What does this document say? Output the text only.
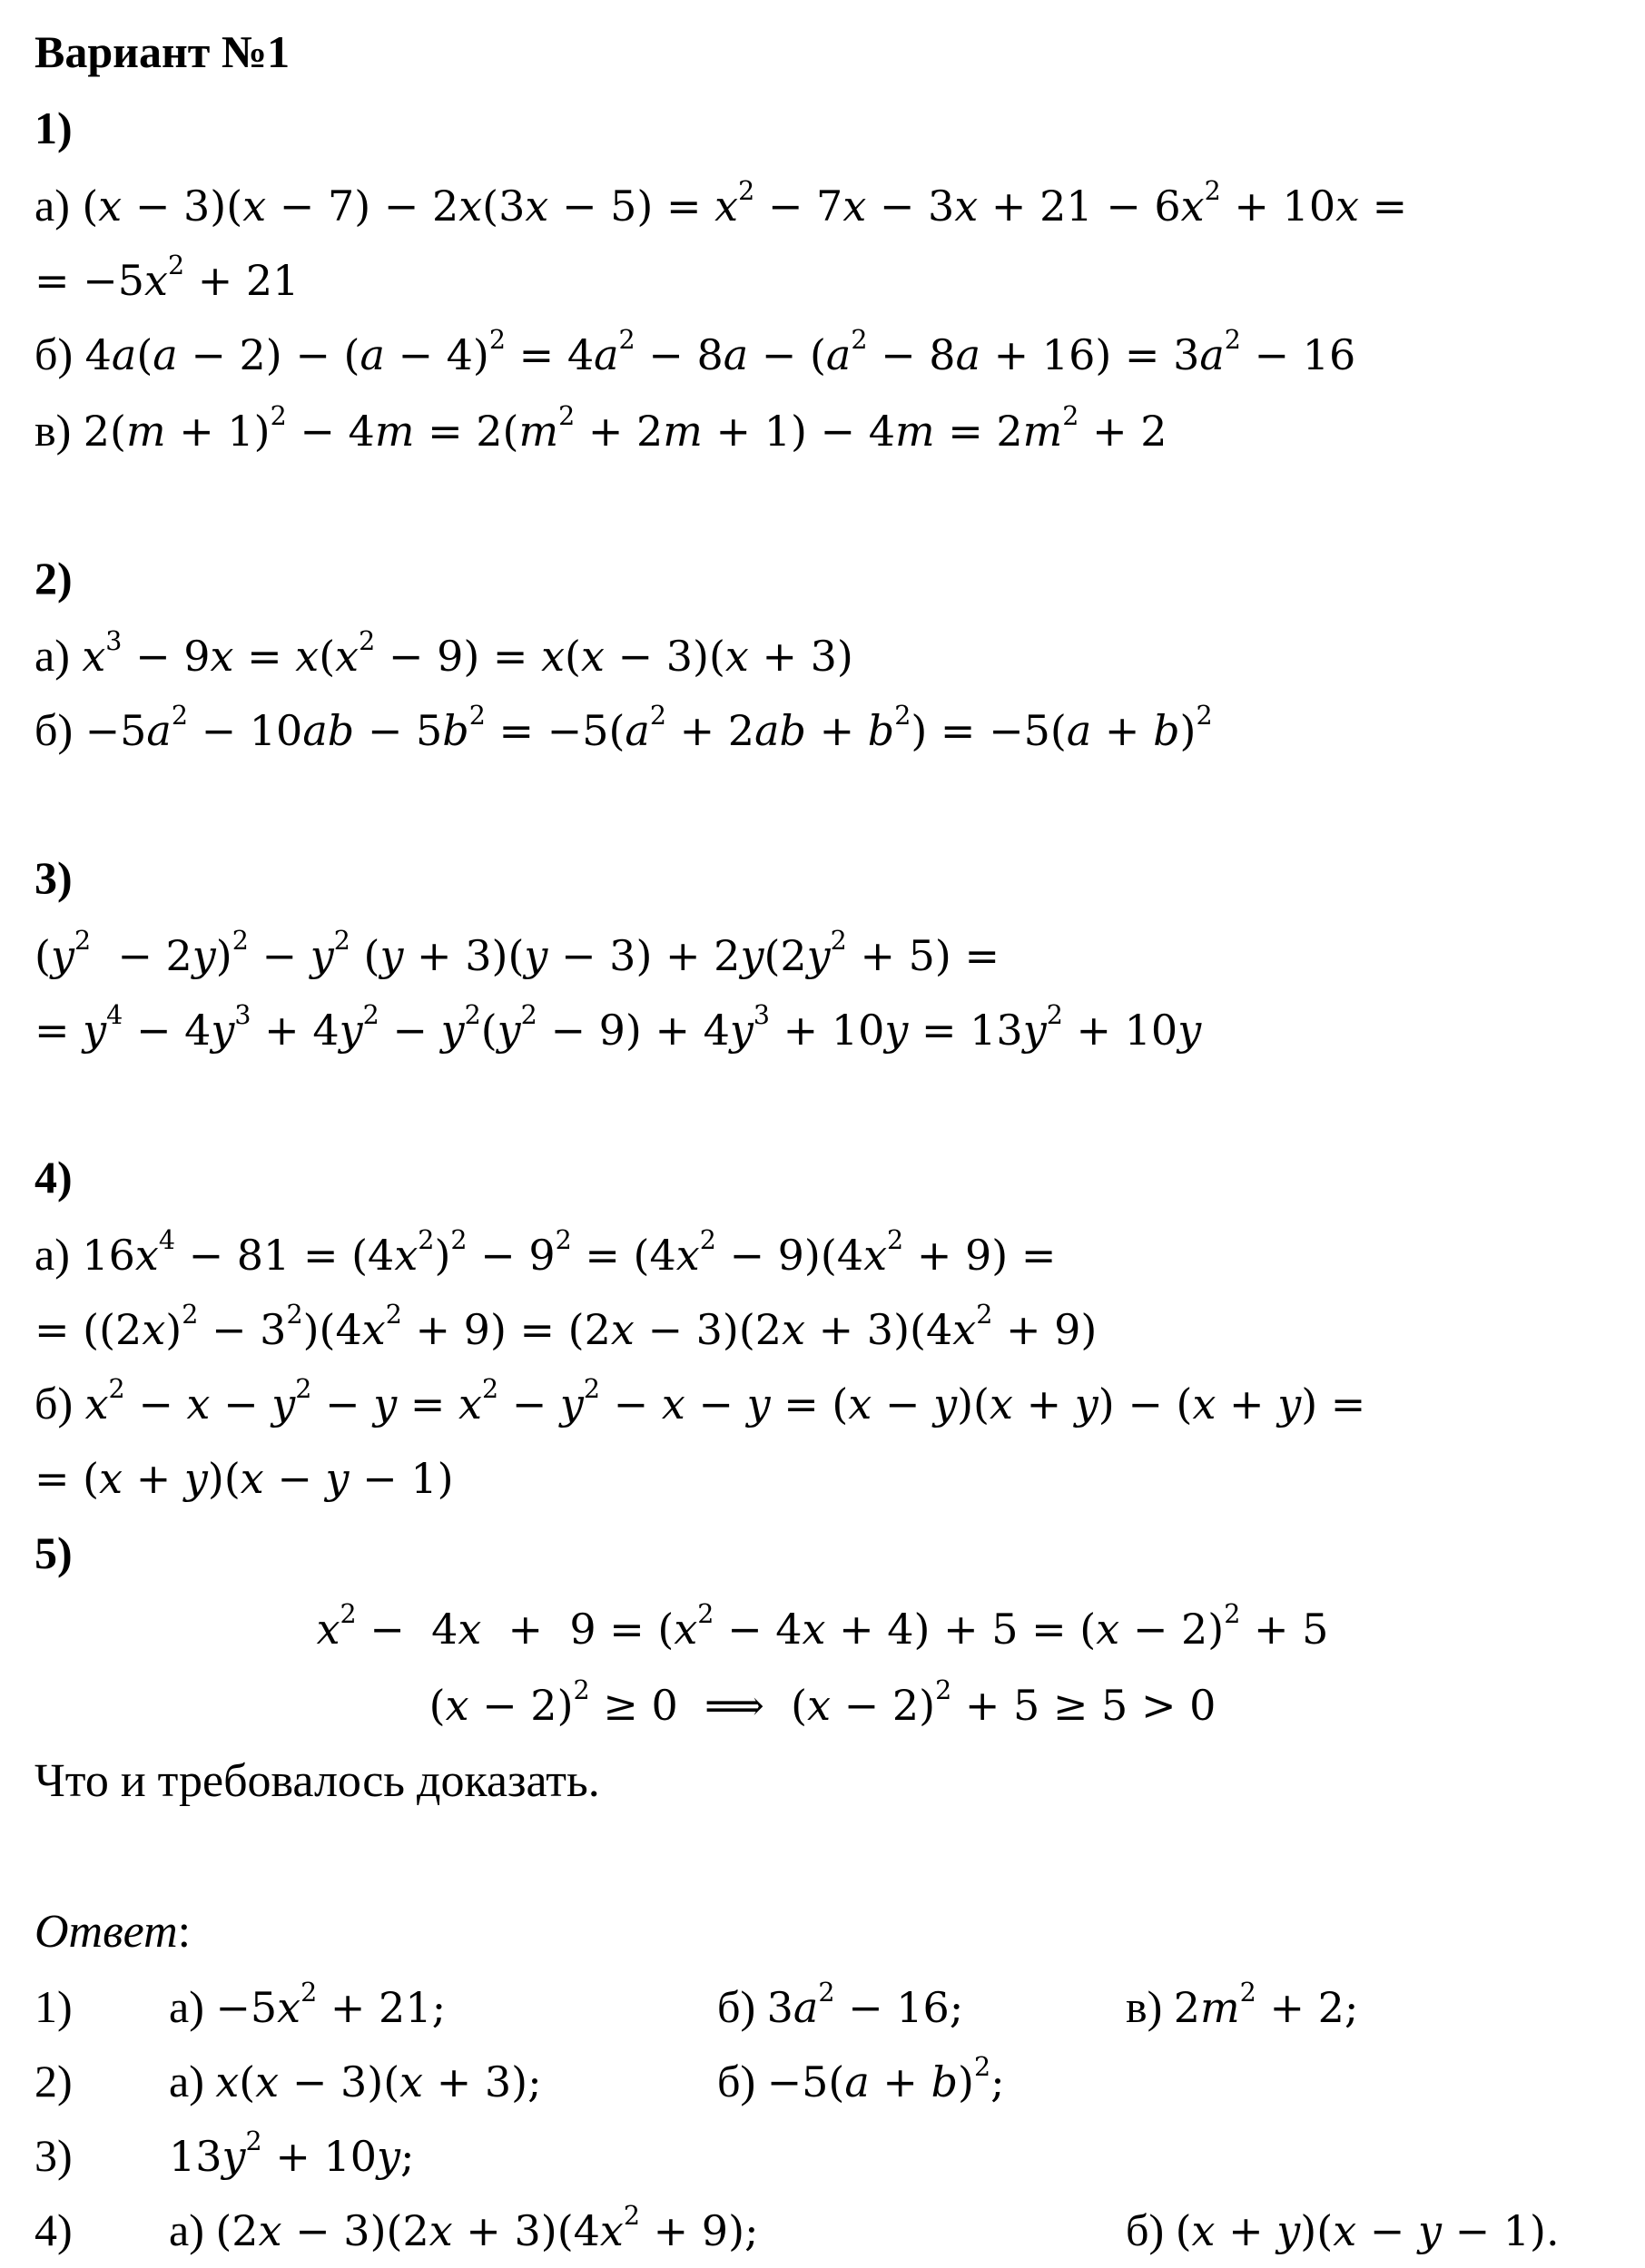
Вариант №1
1)
а) $(x - 3)(x - 7) - 2x(3x - 5) = x^2 - 7x - 3x + 21 - 6x^2 + 10x$ =
= $-5x^2 + 21$
б) $4a(a - 2) - (a - 4)^2 = 4a^2 - 8a - (a^2 - 8a + 16) = 3a^2 - 16$
в) $2(m + 1)^2 - 4m = 2(m^2 + 2m + 1) - 4m = 2m^2 + 2$
2)
а) $x^3 - 9x = x(x^2 - 9) = x(x - 3)(x + 3)$
$б) -5a^2 - 10ab - 5b^2 = -5(a^2 + 2ab + b^2) = -5(a + b)^2$
3)
$(y^2 - 2y)^2 - y^2$ $(y + 3)(y - 3) + 2y(2y^2 + 5)$ =
= $y^4 - 4y^3 + 4y^2 - y^2(y^2 - 9) + 4y^3 + 10y = 13y^2 + 10y$
4)
а) $16x^4 - 81 = (4x^2)^2 - 9^2 = (4x^2 - 9)(4x^2 + 9)$ =
= $((2x)^2 - 3^2)(4x^2 + 9) = (2x - 3)(2x + 3)(4x^2 + 9)$
б) $x^2 - x - y^2 - y = x^2 - y^2 - x - y = (x - y)(x + y) - (x + y)$ =
= (x + y)(x − y − 1)
5)
$x^2 - 4x + 9 = (x^2 - 4x + 4) + 5 = (x - 2)^2 + 5$
$(x - 2)^2 \ge 0$  ⟹  $(x - 2)^2 + 5 \ge 5 > 0$
Что и требовалось доказать.
Ответ:
1) $а) -5x^2 + 21$;	б) $3a^2 - 16$;	в) $2m^2 + 2$;
2) а) x(x − 3)(x + 3);	$б) -5(a + b)^2$;
3) $13y^2 + 10y$;
4) а) $(2x - 3)(2x + 3)(4x^2 + 9)$;	б) (x + y)(x − y − 1).
